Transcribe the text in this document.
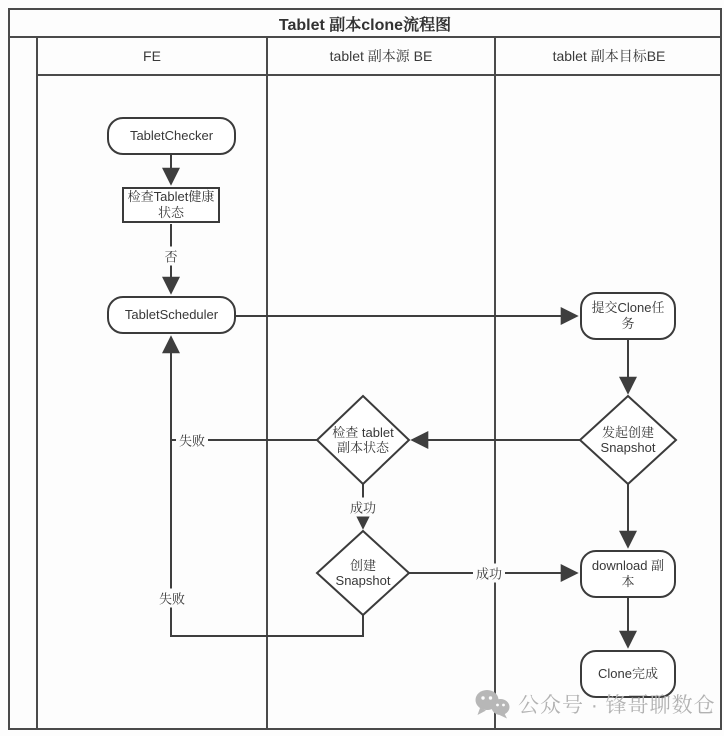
Tablet 副本clone流程图
FE	tablet 副本源 BE	tablet 副本目标BE
否
失败
失败
成功
成功
TabletChecker
检查Tablet健康状态
TabletScheduler
检查 tablet 副本状态
创建 Snapshot
提交Clone任务
发起创建 Snapshot
download 副本
Clone完成
公众号 · 锋哥聊数仓
